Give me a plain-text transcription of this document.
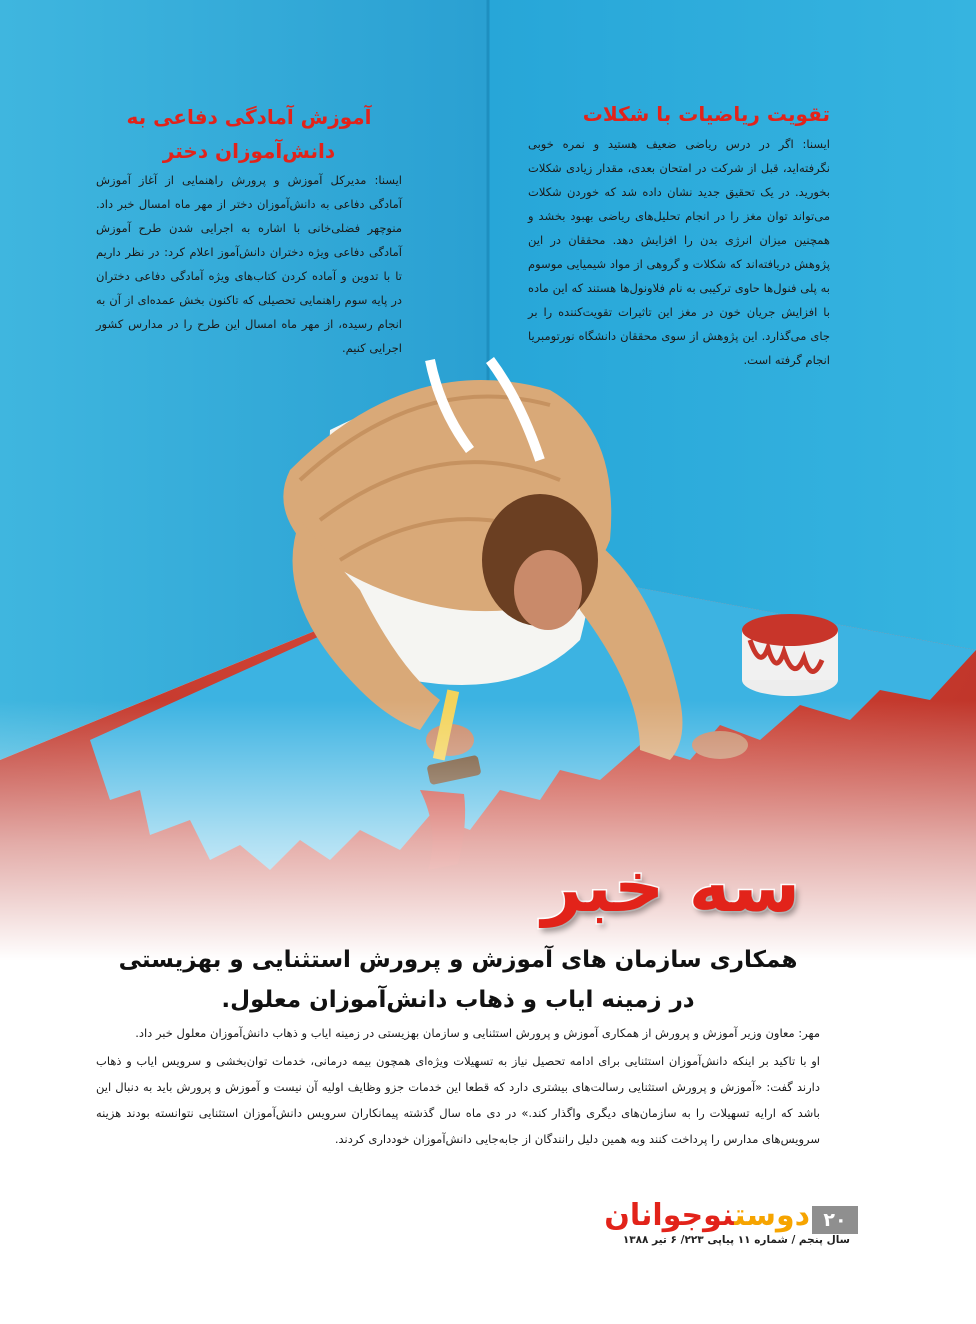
تقویت ریاضیات با شکلات

ایسنا: اگر در درس ریاضی ضعیف هستید و نمره خوبی نگرفته‌اید، قبل از شرکت در امتحان بعدی، مقدار زیادی شکلات بخورید. در یک تحقیق جدید نشان داده شد که خوردن شکلات می‌تواند توان مغز را در انجام تحلیل‌های ریاضی بهبود بخشد و همچنین میزان انرژی بدن را افزایش دهد. محققان در این پژوهش دریافته‌اند که شکلات و گروهی از مواد شیمیایی موسوم به پلی فنول‌ها حاوی ترکیبی به نام فلاونول‌ها هستند که این ماده با افزایش جریان خون در مغز این تاثیرات تقویت‌کننده را بر جای می‌گذارد. این پژوهش از سوی محققان دانشگاه نورتومبریا انجام گرفته است.

آموزش آمادگی دفاعی به دانش‌آموزان دختر

ایسنا: مدیرکل آموزش و پرورش راهنمایی از آغاز آموزش آمادگی دفاعی به دانش‌آموزان دختر از مهر ماه امسال خبر داد. منوچهر فضلی‌خانی با اشاره به اجرایی شدن طرح آموزش آمادگی دفاعی ویژه دختران دانش‌آموز اعلام کرد: در نظر داریم تا با تدوین و آماده کردن کتاب‌های ویژه آمادگی دفاعی دختران در پایه سوم راهنمایی تحصیلی که تاکنون بخش عمده‌ای از آن به انجام رسیده، از مهر ماه امسال این طرح را در مدارس کشور اجرایی کنیم.

سه خبر
همکاری سازمان های آموزش و پرورش استثنایی و بهزیستی
در زمینه ایاب و ذهاب دانش‌آموزان معلول.

مهر: معاون وزیر آموزش و پرورش از همکاری آموزش و پرورش استثنایی و سازمان بهزیستی در زمینه ایاب و ذهاب دانش‌آموزان معلول خبر داد.

او با تاکید بر اینکه دانش‌آموزان استثنایی برای ادامه تحصیل نیاز به تسهیلات ویژه‌ای همچون بیمه درمانی، خدمات توان‌بخشی و سرویس ایاب و ذهاب دارند گفت: «آموزش و پرورش استثنایی رسالت‌های بیشتری دارد که قطعا این خدمات جزو وظایف اولیه آن نیست و آموزش و پرورش باید به دنبال این باشد که ارایه تسهیلات را به سازمان‌های دیگری واگذار کند.» در دی ماه سال گذشته پیمانکاران سرویس دانش‌آموزان استثنایی نتوانسته بودند هزینه سرویس‌های مدارس را پرداخت کنند وبه همین دلیل رانندگان از جابه‌جایی دانش‌آموزان خودداری کردند.

۲۰
دوستنوجوانان
سال پنجم / شماره ۱۱ پیاپی ۲۲۳/ ۶ تیر ۱۳۸۸
